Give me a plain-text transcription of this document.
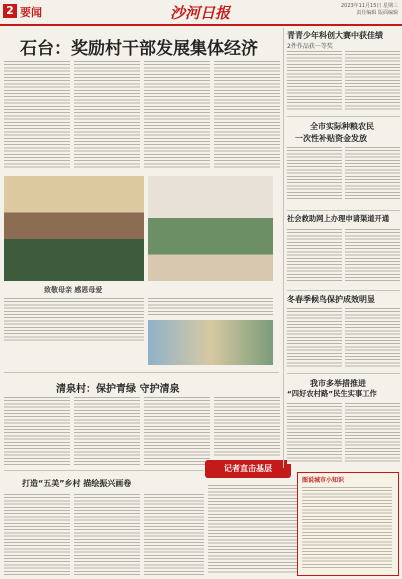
2 要闻	沙河日报	2023年11月15日 星期三
责任编辑 版面编辑
石台：奖励村干部发展集体经济
致敬母亲 感恩母爱
清泉村：保护青绿 守护清泉
打造“五美”乡村 描绘振兴画卷
记者直击基层
青青少年科创大赛中获佳绩
2件作品获一等奖
全市实际种粮农民
一次性补贴资金发放
社会救助网上办理申请渠道开通
冬春季候鸟保护成效明显
我市多举措推进
“四好农村路”民生实事工作
图说城市小知识
